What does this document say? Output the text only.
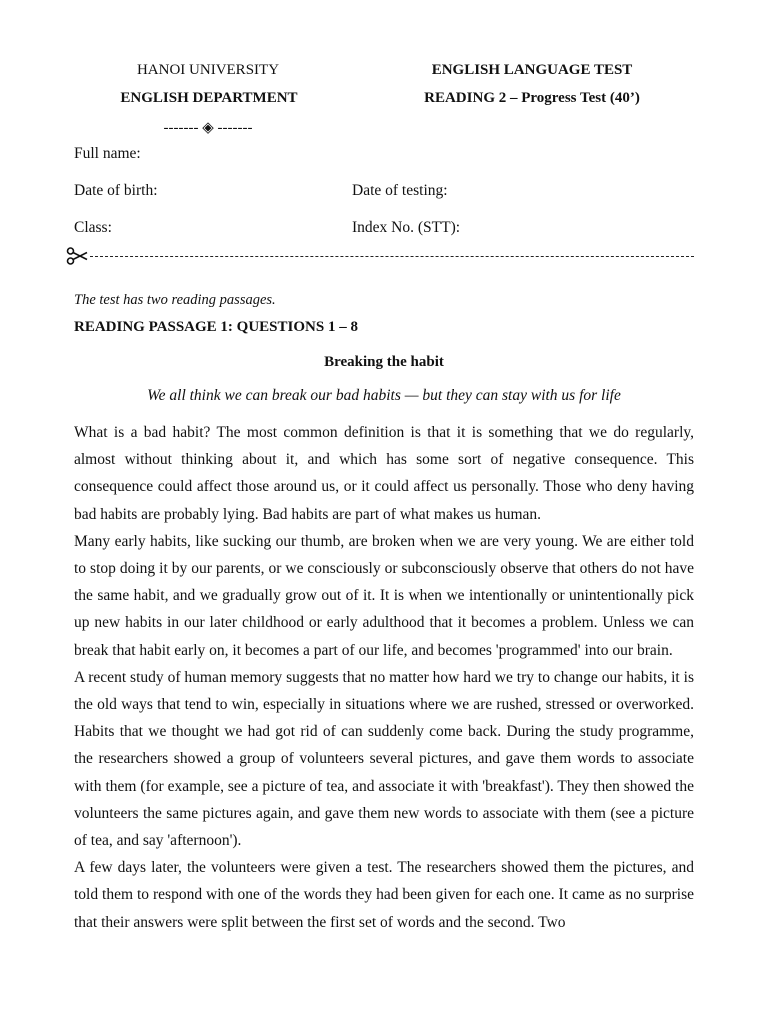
HANOI UNIVERSITY
ENGLISH DEPARTMENT
------- ◈ -------
ENGLISH LANGUAGE TEST
READING 2 – Progress Test (40’)
Full name:
Date of birth:	Date of testing:
Class:	Index No. (STT):
The test has two reading passages.
READING PASSAGE 1: QUESTIONS 1 – 8
Breaking the habit
We all think we can break our bad habits — but they can stay with us for life

What is a bad habit? The most common definition is that it is something that we do regularly, almost without thinking about it, and which has some sort of negative consequence. This consequence could affect those around us, or it could affect us personally. Those who deny having bad habits are probably lying. Bad habits are part of what makes us human.

Many early habits, like sucking our thumb, are broken when we are very young. We are either told to stop doing it by our parents, or we consciously or subconsciously observe that others do not have the same habit, and we gradually grow out of it. It is when we intentionally or unintentionally pick up new habits in our later childhood or early adulthood that it becomes a problem. Unless we can break that habit early on, it becomes a part of our life, and becomes 'programmed' into our brain.

A recent study of human memory suggests that no matter how hard we try to change our habits, it is the old ways that tend to win, especially in situations where we are rushed, stressed or overworked. Habits that we thought we had got rid of can suddenly come back. During the study programme, the researchers showed a group of volunteers several pictures, and gave them words to associate with them (for example, see a picture of tea, and associate it with 'breakfast'). They then showed the volunteers the same pictures again, and gave them new words to associate with them (see a picture of tea, and say 'afternoon').

A few days later, the volunteers were given a test. The researchers showed them the pictures, and told them to respond with one of the words they had been given for each one. It came as no surprise that their answers were split between the first set of words and the second. Two
